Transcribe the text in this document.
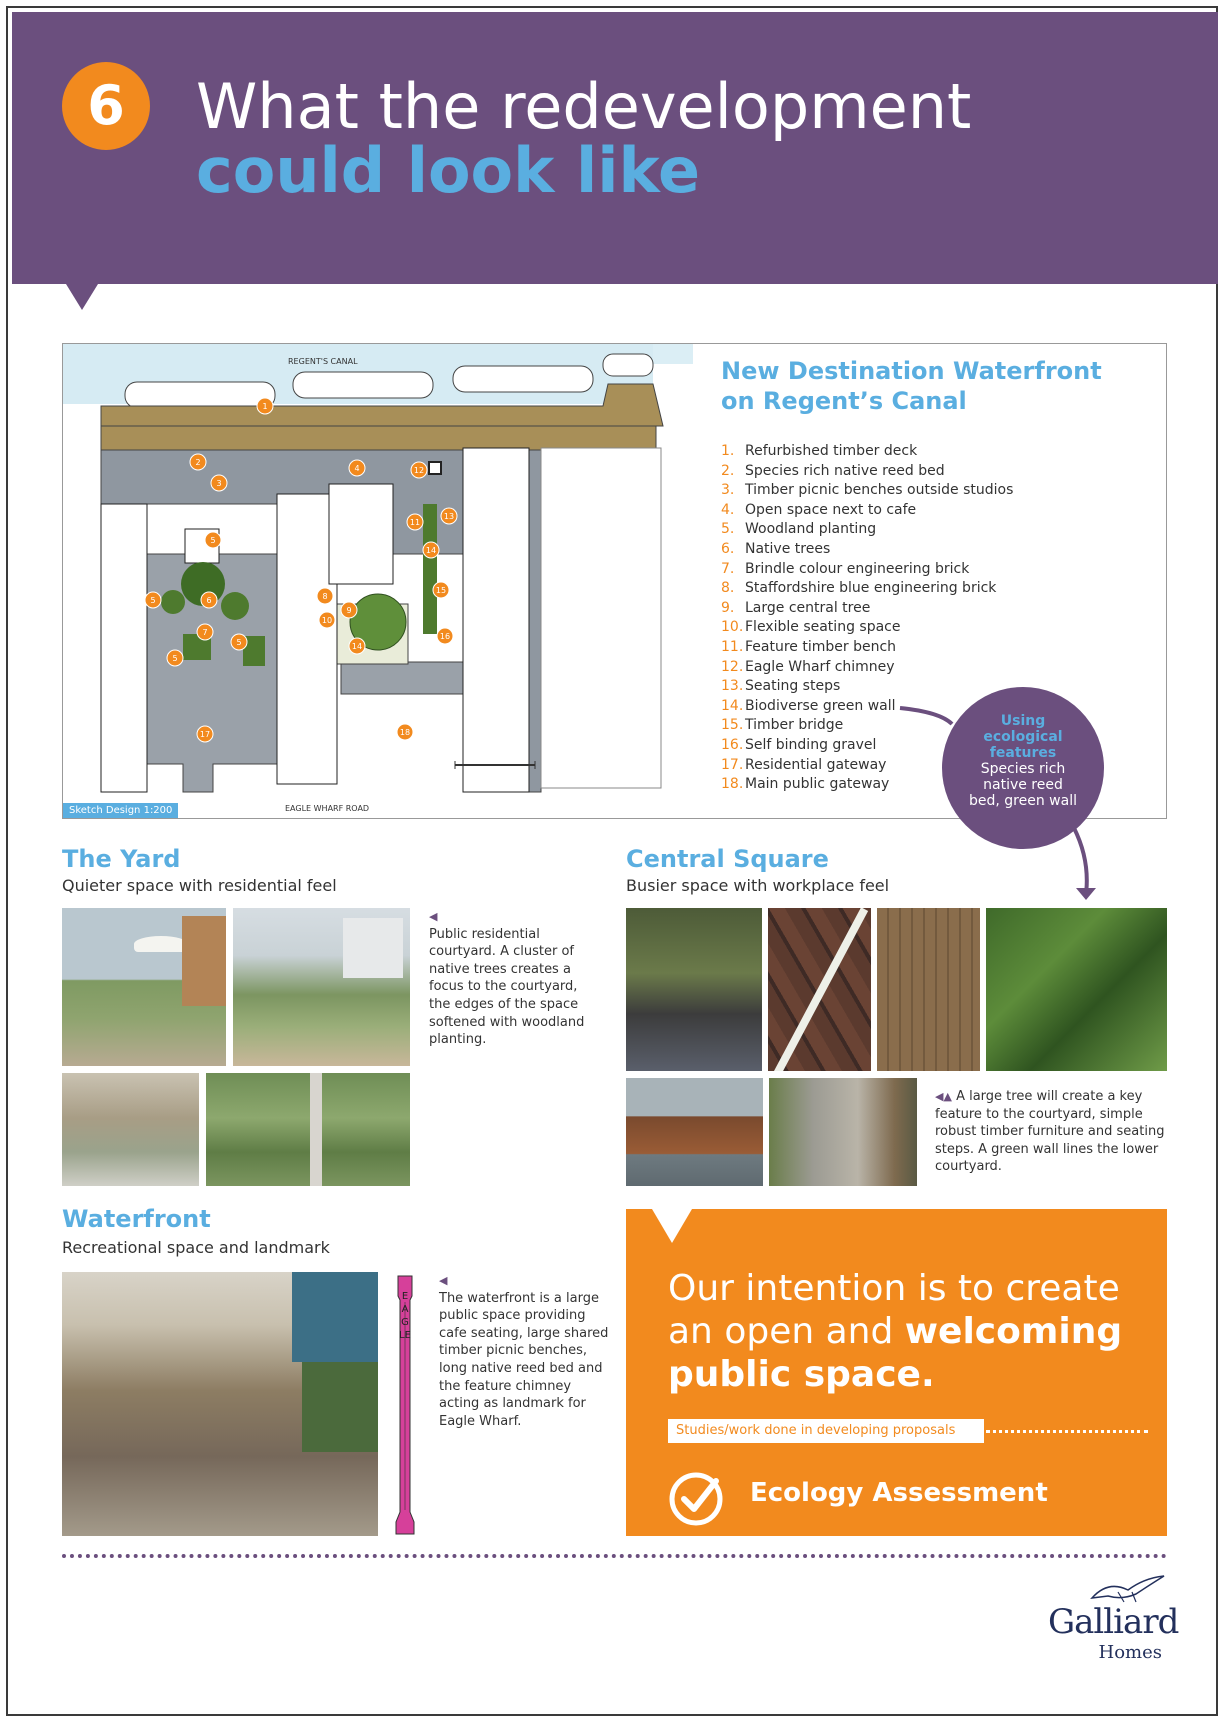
6	What the redevelopment
could look like
1
2
3
4	12
5
5	6
7
5
5
8
9
10
14
11
13
14
15
16
17	18
REGENT'S CANAL
EAGLE WHARF ROAD
Sketch Design 1:200
New Destination Waterfront
on Regent’s Canal
1. Refurbished timber deck
2. Species rich native reed bed
3. Timber picnic benches outside studios
4. Open space next to cafe
5. Woodland planting
6. Native trees
7. Brindle colour engineering brick
8. Staffordshire blue engineering brick
9. Large central tree
10. Flexible seating space
11. Feature timber bench
12. Eagle Wharf chimney
13. Seating steps
14. Biodiverse green wall
15. Timber bridge
16. Self binding gravel
17. Residential gateway
18. Main public gateway
Using
ecological
features
Species rich
native reed
bed, green wall
The Yard
Quieter space with residential feel
◀
Public residential courtyard. A cluster of native trees creates a focus to the courtyard, the edges of the space softened with woodland planting.
Central Square
Busier space with workplace feel
◀▲ A large tree will create a key feature to the courtyard, simple robust timber furniture and seating steps. A green wall lines the lower courtyard.
Waterfront
Recreational space and landmark
EAGLE
◀
The waterfront is a large public space providing cafe seating, large shared timber picnic benches, long native reed bed and the feature chimney acting as landmark for Eagle Wharf.
Our intention is to create an open and welcoming public space.
Studies/work done in developing proposals
Ecology Assessment
Galliard
Homes
